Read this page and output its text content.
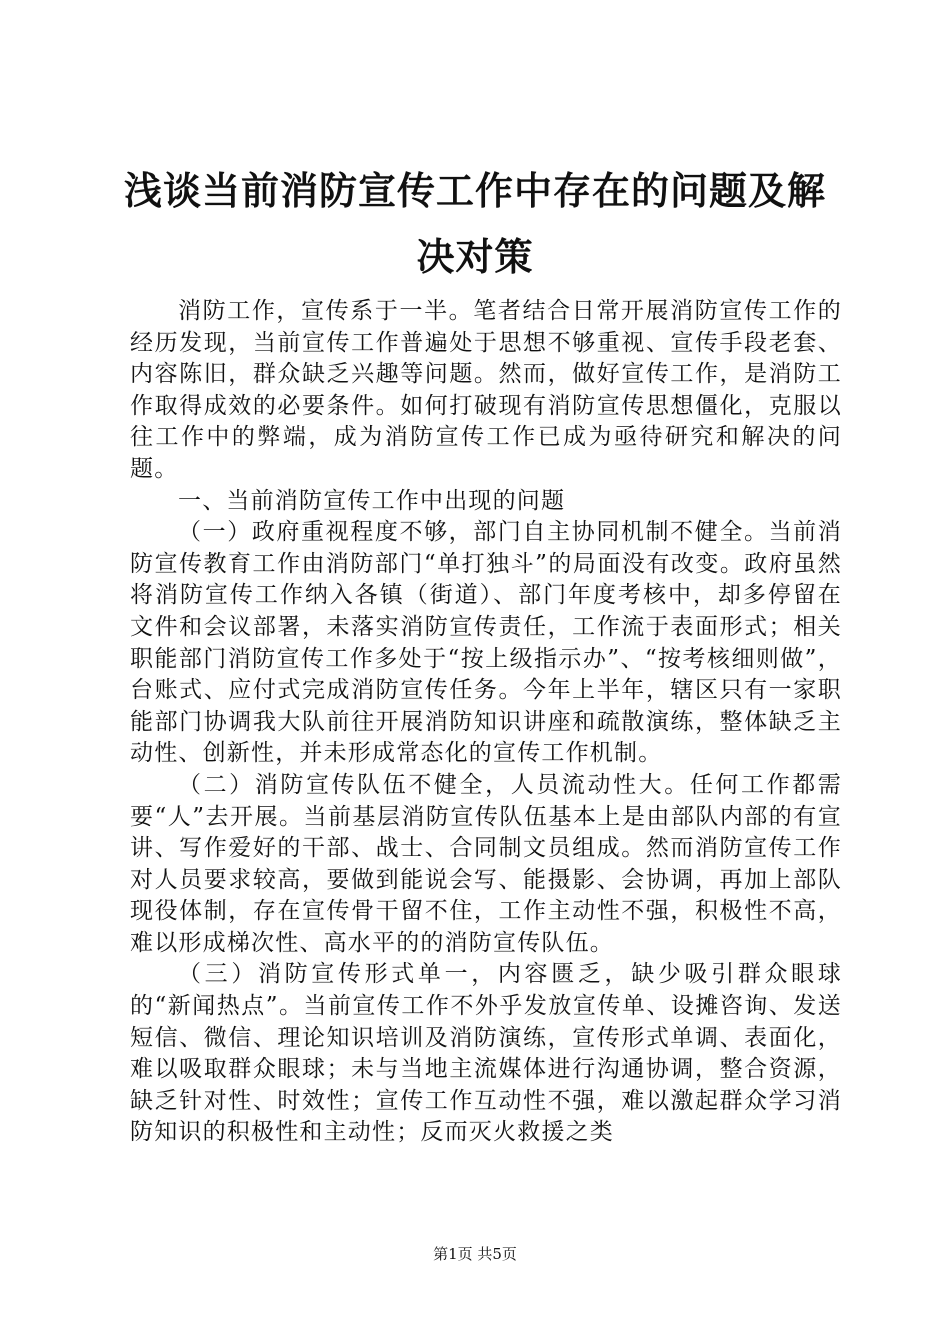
浅谈当前消防宣传工作中存在的问题及解决对策

消防工作，宣传系于一半。笔者结合日常开展消防宣传工作的经历发现，当前宣传工作普遍处于思想不够重视、宣传手段老套、内容陈旧，群众缺乏兴趣等问题。然而，做好宣传工作，是消防工作取得成效的必要条件。如何打破现有消防宣传思想僵化，克服以往工作中的弊端，成为消防宣传工作已成为亟待研究和解决的问题。

一、当前消防宣传工作中出现的问题

（一）政府重视程度不够，部门自主协同机制不健全。当前消防宣传教育工作由消防部门“单打独斗”的局面没有改变。政府虽然将消防宣传工作纳入各镇（街道）、部门年度考核中，却多停留在文件和会议部署，未落实消防宣传责任，工作流于表面形式；相关职能部门消防宣传工作多处于“按上级指示办”、“按考核细则做”，台账式、应付式完成消防宣传任务。今年上半年，辖区只有一家职能部门协调我大队前往开展消防知识讲座和疏散演练，整体缺乏主动性、创新性，并未形成常态化的宣传工作机制。

（二）消防宣传队伍不健全，人员流动性大。任何工作都需要“人”去开展。当前基层消防宣传队伍基本上是由部队内部的有宣讲、写作爱好的干部、战士、合同制文员组成。然而消防宣传工作对人员要求较高，要做到能说会写、能摄影、会协调，再加上部队现役体制，存在宣传骨干留不住，工作主动性不强，积极性不高，难以形成梯次性、高水平的的消防宣传队伍。

（三）消防宣传形式单一，内容匮乏，缺少吸引群众眼球的“新闻热点”。当前宣传工作不外乎发放宣传单、设摊咨询、发送短信、微信、理论知识培训及消防演练，宣传形式单调、表面化，难以吸取群众眼球；未与当地主流媒体进行沟通协调，整合资源，缺乏针对性、时效性；宣传工作互动性不强，难以激起群众学习消防知识的积极性和主动性；反而灭火救援之类

第1页 共5页
